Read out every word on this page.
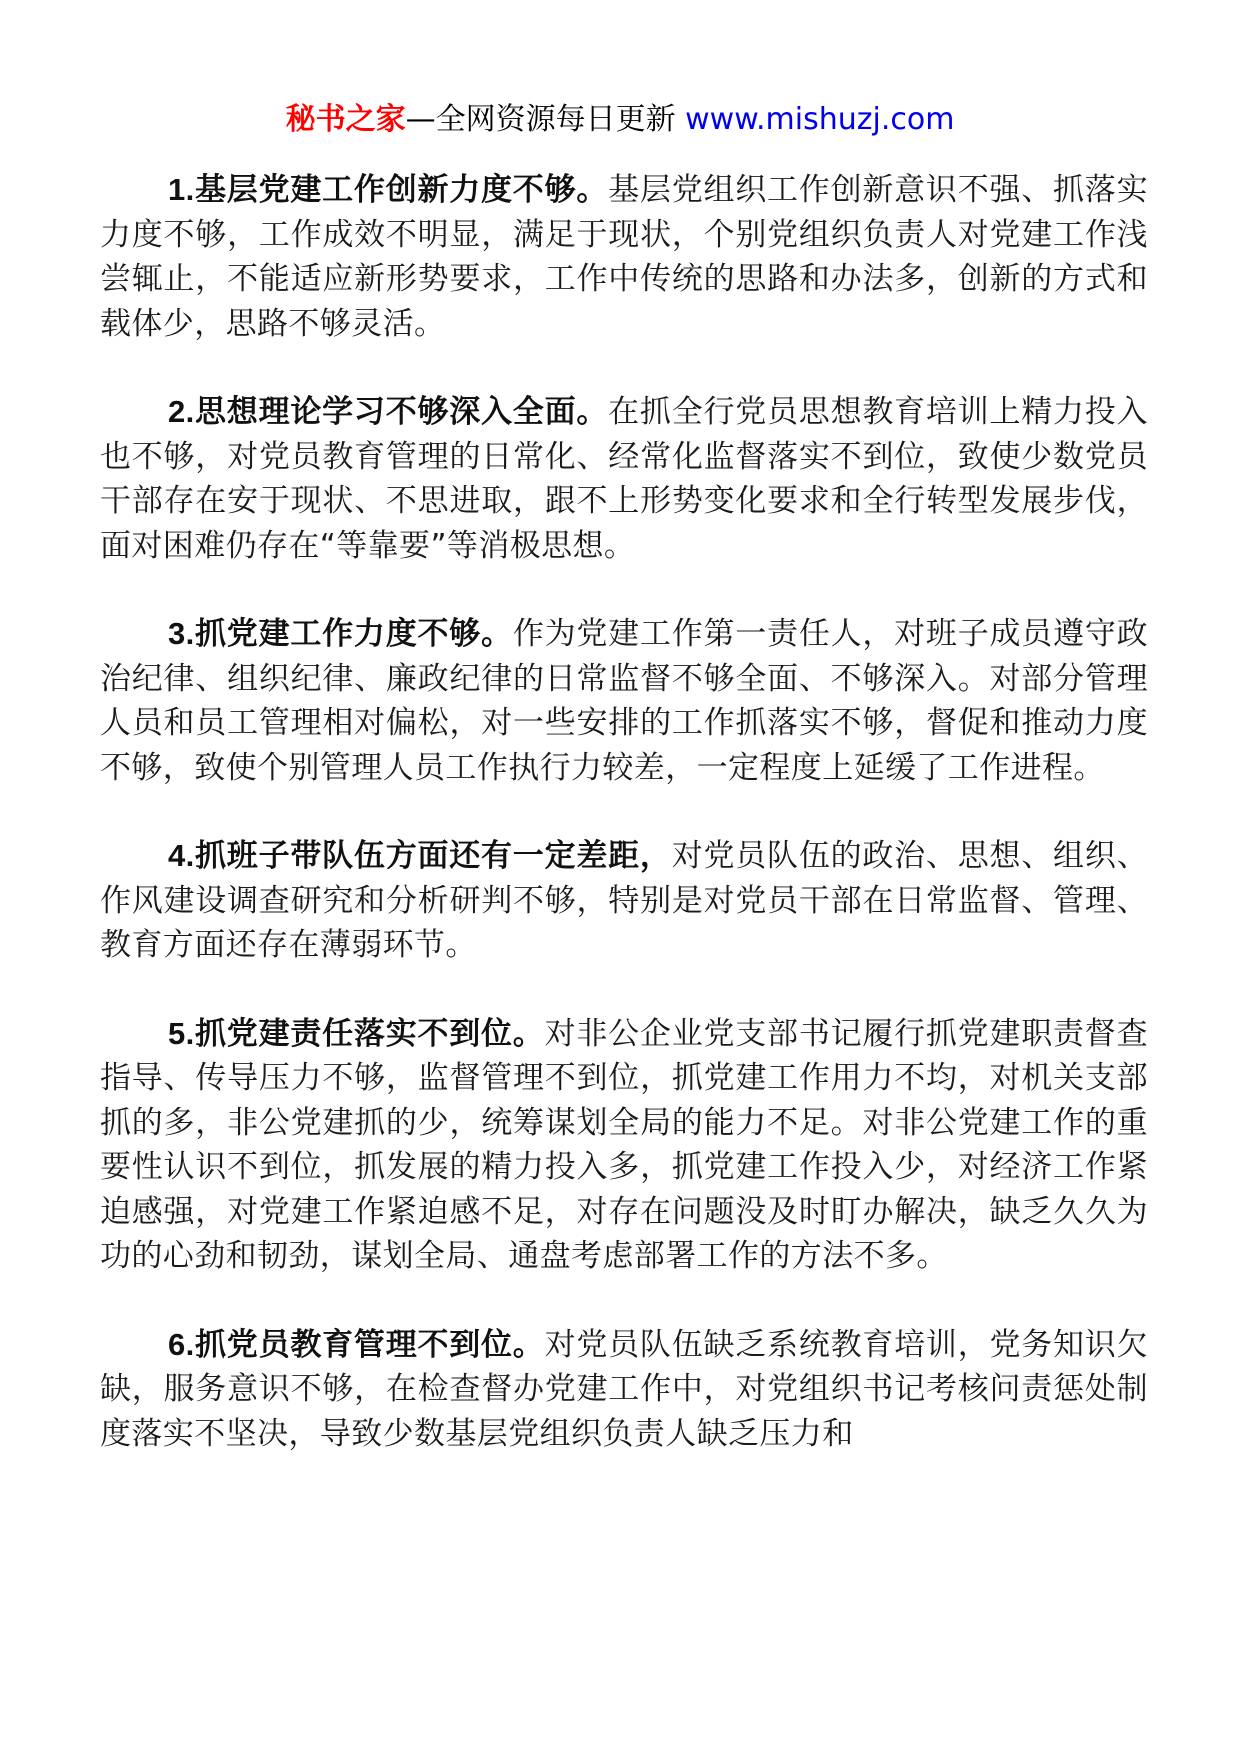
秘书之家—全网资源每日更新 www.mishuzj.com

1.基层党建工作创新力度不够。基层党组织工作创新意识不强、抓落实力度不够，工作成效不明显，满足于现状，个别党组织负责人对党建工作浅尝辄止，不能适应新形势要求，工作中传统的思路和办法多，创新的方式和载体少，思路不够灵活。

2.思想理论学习不够深入全面。在抓全行党员思想教育培训上精力投入也不够，对党员教育管理的日常化、经常化监督落实不到位，致使少数党员干部存在安于现状、不思进取，跟不上形势变化要求和全行转型发展步伐，面对困难仍存在“等靠要”等消极思想。

3.抓党建工作力度不够。作为党建工作第一责任人，对班子成员遵守政治纪律、组织纪律、廉政纪律的日常监督不够全面、不够深入。对部分管理人员和员工管理相对偏松，对一些安排的工作抓落实不够，督促和推动力度不够，致使个别管理人员工作执行力较差，一定程度上延缓了工作进程。

4.抓班子带队伍方面还有一定差距，对党员队伍的政治、思想、组织、作风建设调查研究和分析研判不够，特别是对党员干部在日常监督、管理、教育方面还存在薄弱环节。

5.抓党建责任落实不到位。对非公企业党支部书记履行抓党建职责督查指导、传导压力不够，监督管理不到位，抓党建工作用力不均，对机关支部抓的多，非公党建抓的少，统筹谋划全局的能力不足。对非公党建工作的重要性认识不到位，抓发展的精力投入多，抓党建工作投入少，对经济工作紧迫感强，对党建工作紧迫感不足，对存在问题没及时盯办解决，缺乏久久为功的心劲和韧劲，谋划全局、通盘考虑部署工作的方法不多。

6.抓党员教育管理不到位。对党员队伍缺乏系统教育培训，党务知识欠缺，服务意识不够，在检查督办党建工作中，对党组织书记考核问责惩处制度落实不坚决，导致少数基层党组织负责人缺乏压力和
